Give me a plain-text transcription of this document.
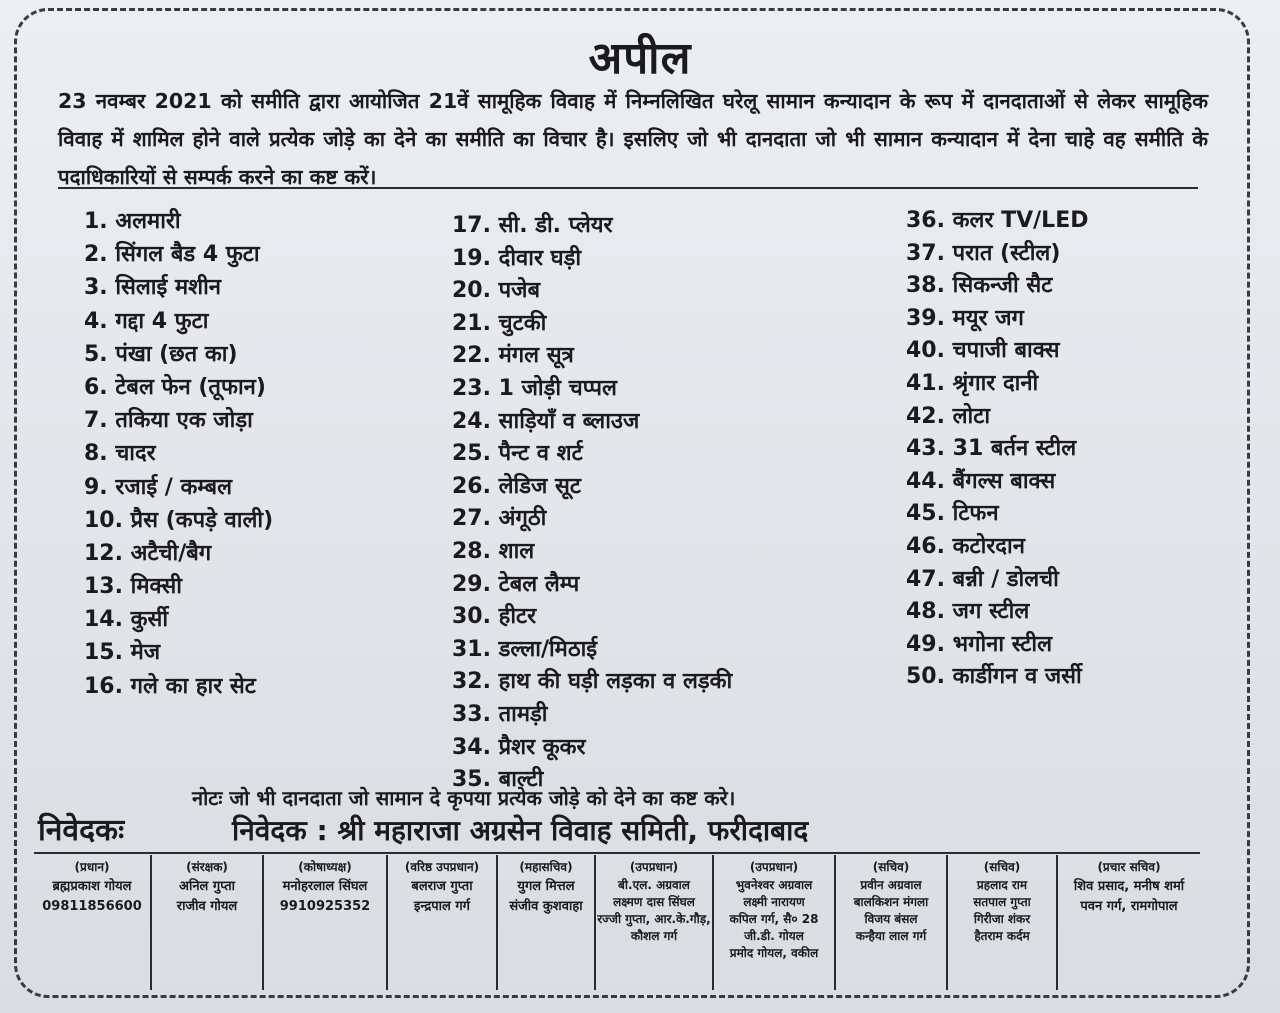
अपील
23 नवम्बर 2021 को समीति द्वारा आयोजित 21वें सामूहिक विवाह में निम्नलिखित घरेलू सामान कन्यादान के रूप में दानदाताओं से लेकर सामूहिक विवाह में शामिल होने वाले प्रत्येक जोड़े का देने का समीति का विचार है। इसलिए जो भी दानदाता जो भी सामान कन्यादान में देना चाहे वह समीति के पदाधिकारियों से सम्पर्क करने का कष्ट करें।
1. अलमारी
2. सिंगल बैड 4 फुटा
3. सिलाई मशीन
4. गद्दा 4 फुटा
5. पंखा (छत का)
6. टेबल फेन (तूफान)
7. तकिया एक जोड़ा
8. चादर
9. रजाई / कम्बल
10. प्रैस (कपड़े वाली)
12. अटैची/बैग
13. मिक्सी
14. कुर्सी
15. मेज
16. गले का हार सेट
17. सी. डी. प्लेयर
19. दीवार घड़ी
20. पजेब
21. चुटकी
22. मंगल सूत्र
23. 1 जोड़ी चप्पल
24. साड़ियाँ व ब्लाउज
25. पैन्ट व शर्ट
26. लेडिज सूट
27. अंगूठी
28. शाल
29. टेबल लैम्प
30. हीटर
31. डल्ला/मिठाई
32. हाथ की घड़ी लड़का व लड़की
33. तामड़ी
34. प्रैशर कूकर
35. बाल्टी
36. कलर TV/LED
37. परात (स्टील)
38. सिकन्जी सैट
39. मयूर जग
40. चपाजी बाक्स
41. श्रृंगार दानी
42. लोटा
43. 31 बर्तन स्टील
44. बैंगल्स बाक्स
45. टिफन
46. कटोरदान
47. बन्नी / डोलची
48. जग स्टील
49. भगोना स्टील
50. कार्डीगन व जर्सी
नोटः जो भी दानदाता जो सामान दे कृपया प्रत्येक जोड़े को देने का कष्ट करे।
निवेदकः	निवेदक : श्री महाराजा अग्रसेन विवाह समिती, फरीदाबाद
(प्रधान)
ब्रह्मप्रकाश गोयल
09811856600
(संरक्षक)
अनिल गुप्ता
राजीव गोयल
(कोषाध्यक्ष)
मनोहरलाल सिंघल
9910925352
(वरिष्ठ उपप्रधान)
बलराज गुप्ता
इन्द्रपाल गर्ग
(महासचिव)
युगल मित्तल
संजीव कुशवाहा
(उपप्रधान)
बी.एल. अग्रवाल
लक्ष्मण दास सिंघल
रज्जी गुप्ता, आर.के.गौड़,
कौशल गर्ग
(उपप्रधान)
भुवनेश्वर अग्रवाल
लक्ष्मी नारायण
कपिल गर्ग, सै० 28
जी.डी. गोयल
प्रमोद गोयल, वकील
(सचिव)
प्रवीन अग्रवाल
बालकिशन मंगला
विजय बंसल
कन्हैया लाल गर्ग
(सचिव)
प्रहलाद राम
सतपाल गुप्ता
गिरीजा शंकर
हैतराम कर्दम
(प्रचार सचिव)
शिव प्रसाद, मनीष शर्मा
पवन गर्ग, रामगोपाल
